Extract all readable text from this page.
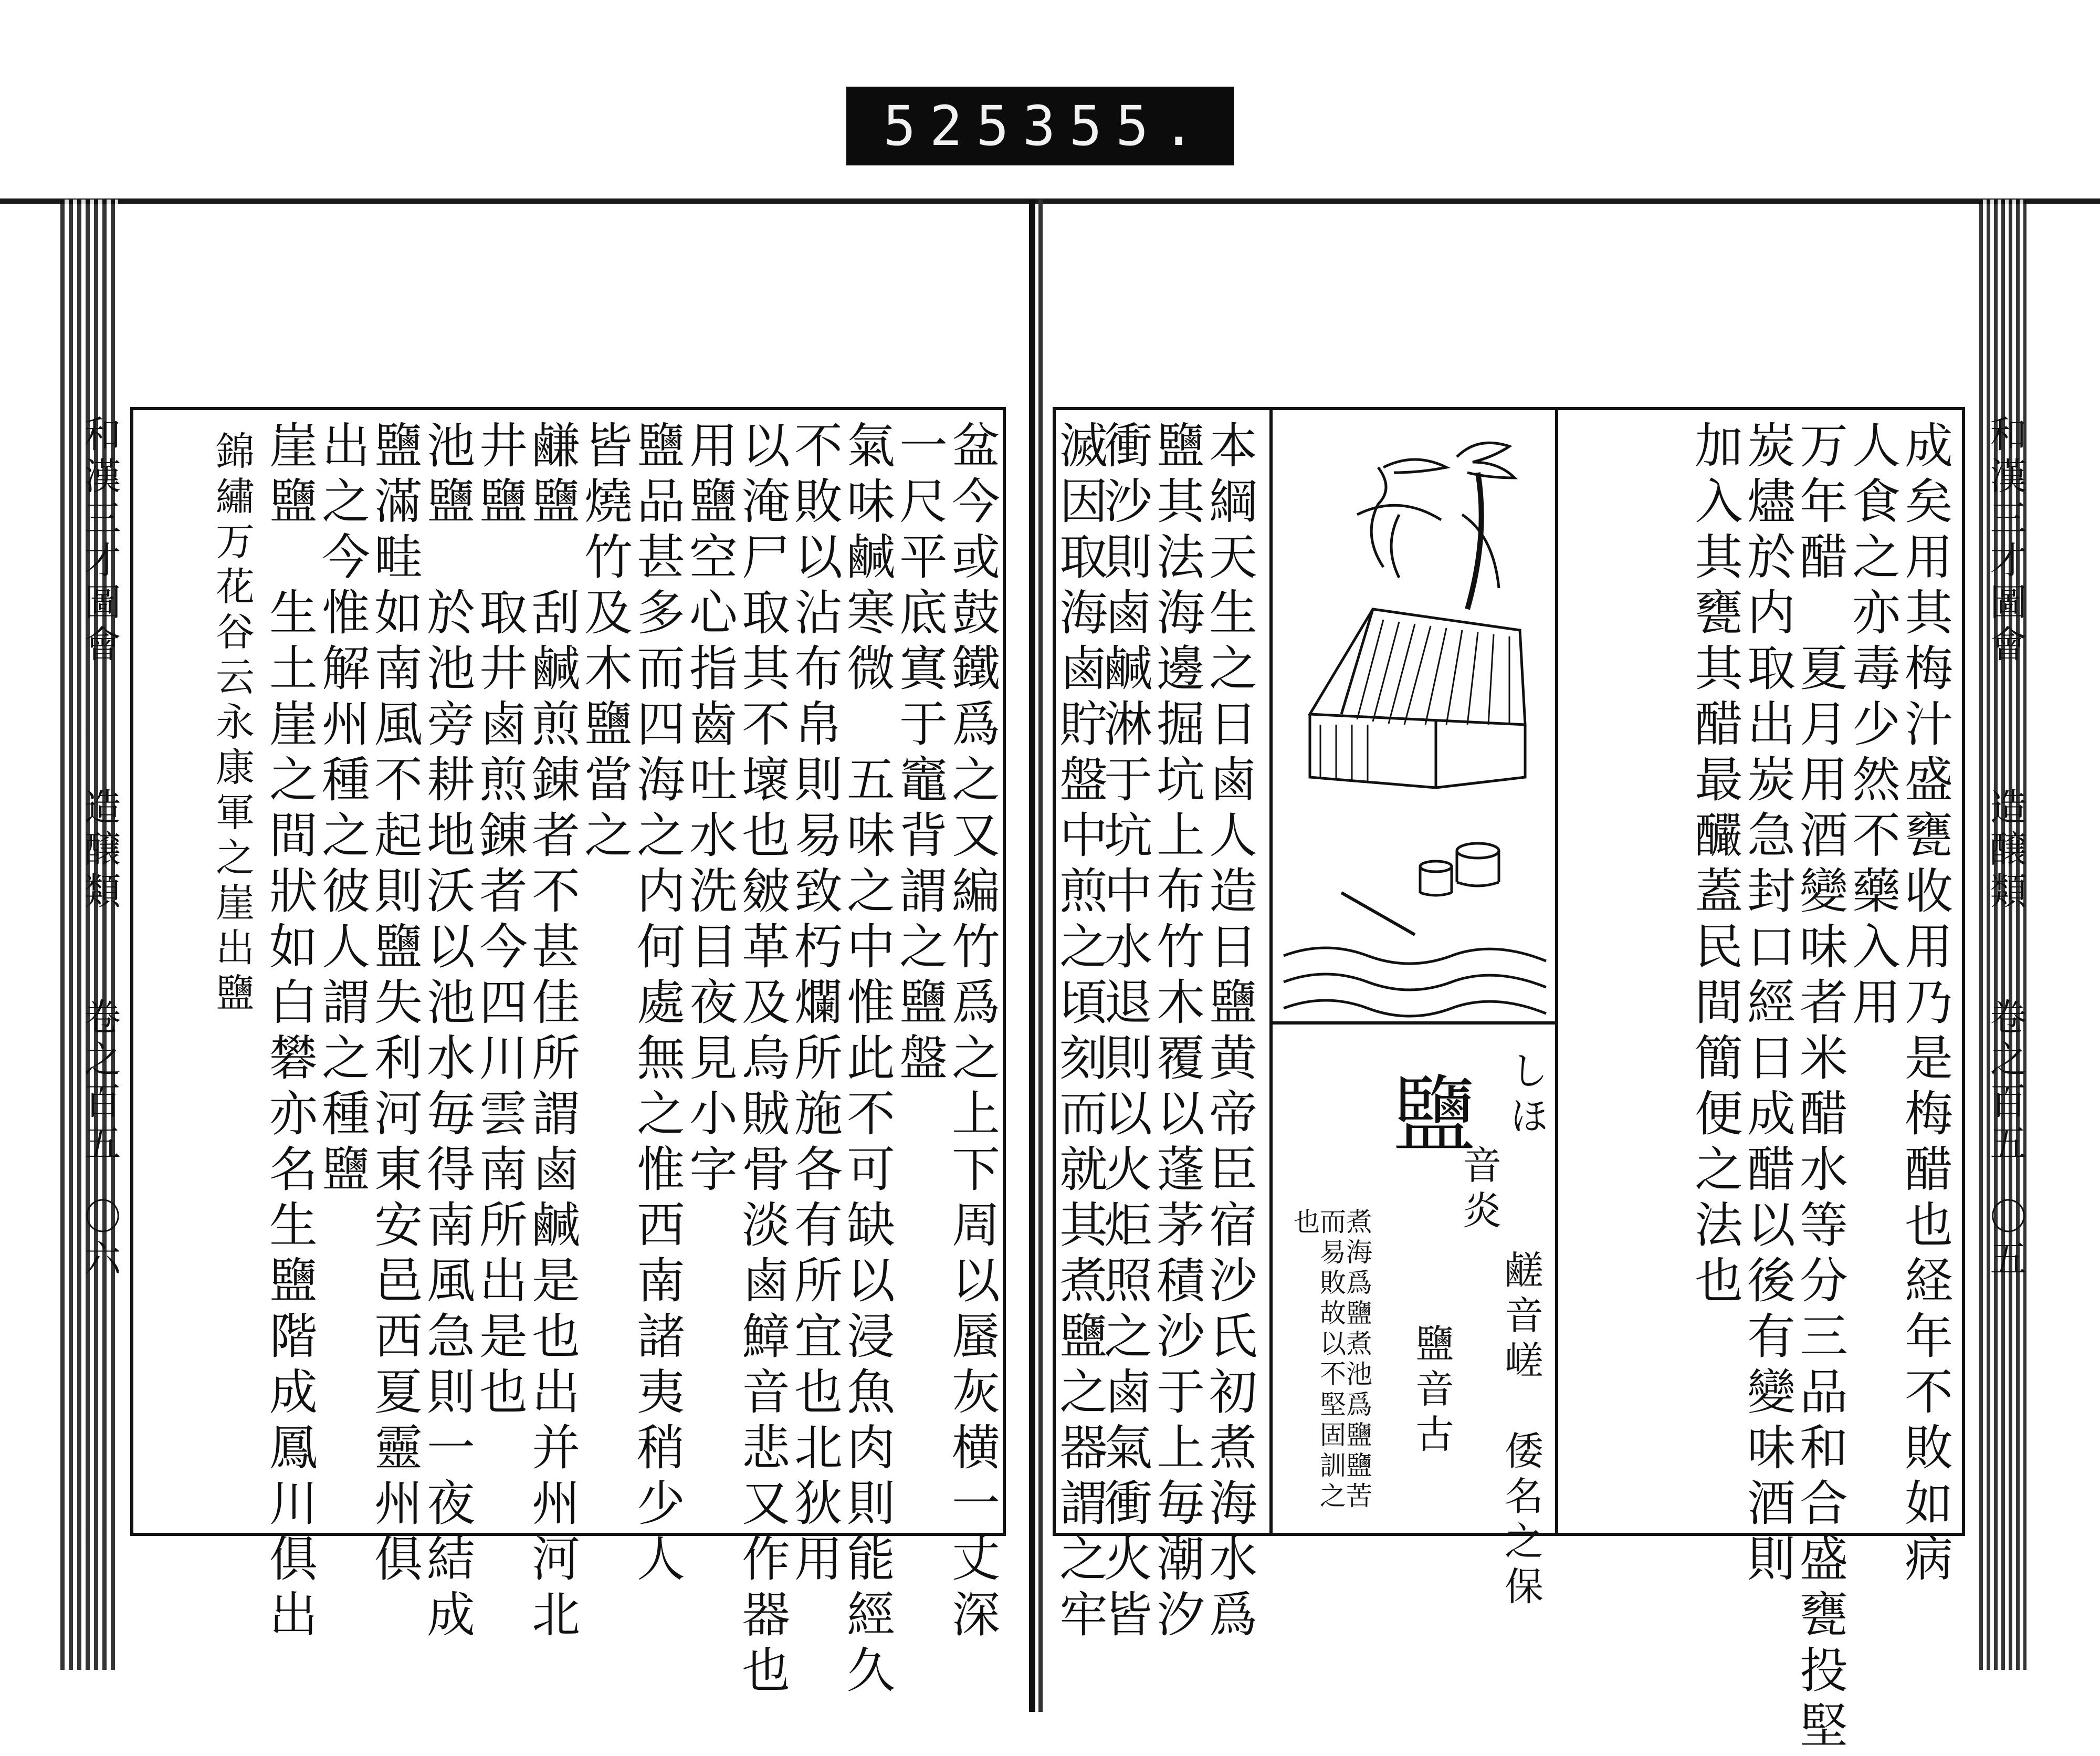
525 355.
和漢三才圖會
造醸類
卷之百五
〇六	盆今或鼓鐵爲之又編竹爲之上下周以蜃灰横一丈深
一尺平底寘于竈背謂之鹽盤
氣味鹹寒微　五味之中惟此不可缺以浸魚肉則能經久
不敗以沾布帛則易致朽爛所施各有所宜也北狄用
以淹尸取其不壞也皴革及烏賊骨淡鹵鱆音悲又作器也
用鹽空心指齒吐水洗目夜見小字
鹽品甚多而四海之内何處無之惟西南諸夷稍少人
皆燒竹及木鹽當之
鹻鹽　刮鹹煎錬者不甚佳所謂鹵鹹是也出并州河北
井鹽　取井鹵煎錬者今四川雲南所出是也
池鹽　於池旁耕地沃以池水毎得南風急則一夜結成
鹽滿畦如南風不起則鹽失利河東安邑西夏靈州俱
出之今惟解州種之彼人謂之種鹽
崖鹽　生土崖之間狀如白礬亦名生鹽階成鳳川俱出
錦繡万花谷云永康軍之崖出鹽	和漢三才圖會
造醸類
卷之百五
〇五
成矣用其梅汁盛甕收用乃是梅醋也経年不敗如病
人食之亦毒少然不藥入用
万年醋　夏月用酒變味者米醋水等分三品和合盛甕投堅
炭燼於内取出炭急封口經日成醋以後有變味酒則
加入其甕其醋最釅蓋民間簡便之法也
鹽 しほ
音炎
鹺音嵯　倭名之保
鹽音古
煮海爲鹽煮池爲鹽鹽苦而易敗故以不堅固訓之也
本綱天生之日鹵人造日鹽黄帝臣宿沙氏初煮海水爲
鹽其法海邊掘坑上布竹木覆以蓬茅積沙于上毎潮汐
衝沙則鹵鹹淋于坑中水退則以火炬照之鹵氣衝火皆
滅因取海鹵貯盤中煎之頃刻而就其煮鹽之器謂之牢
